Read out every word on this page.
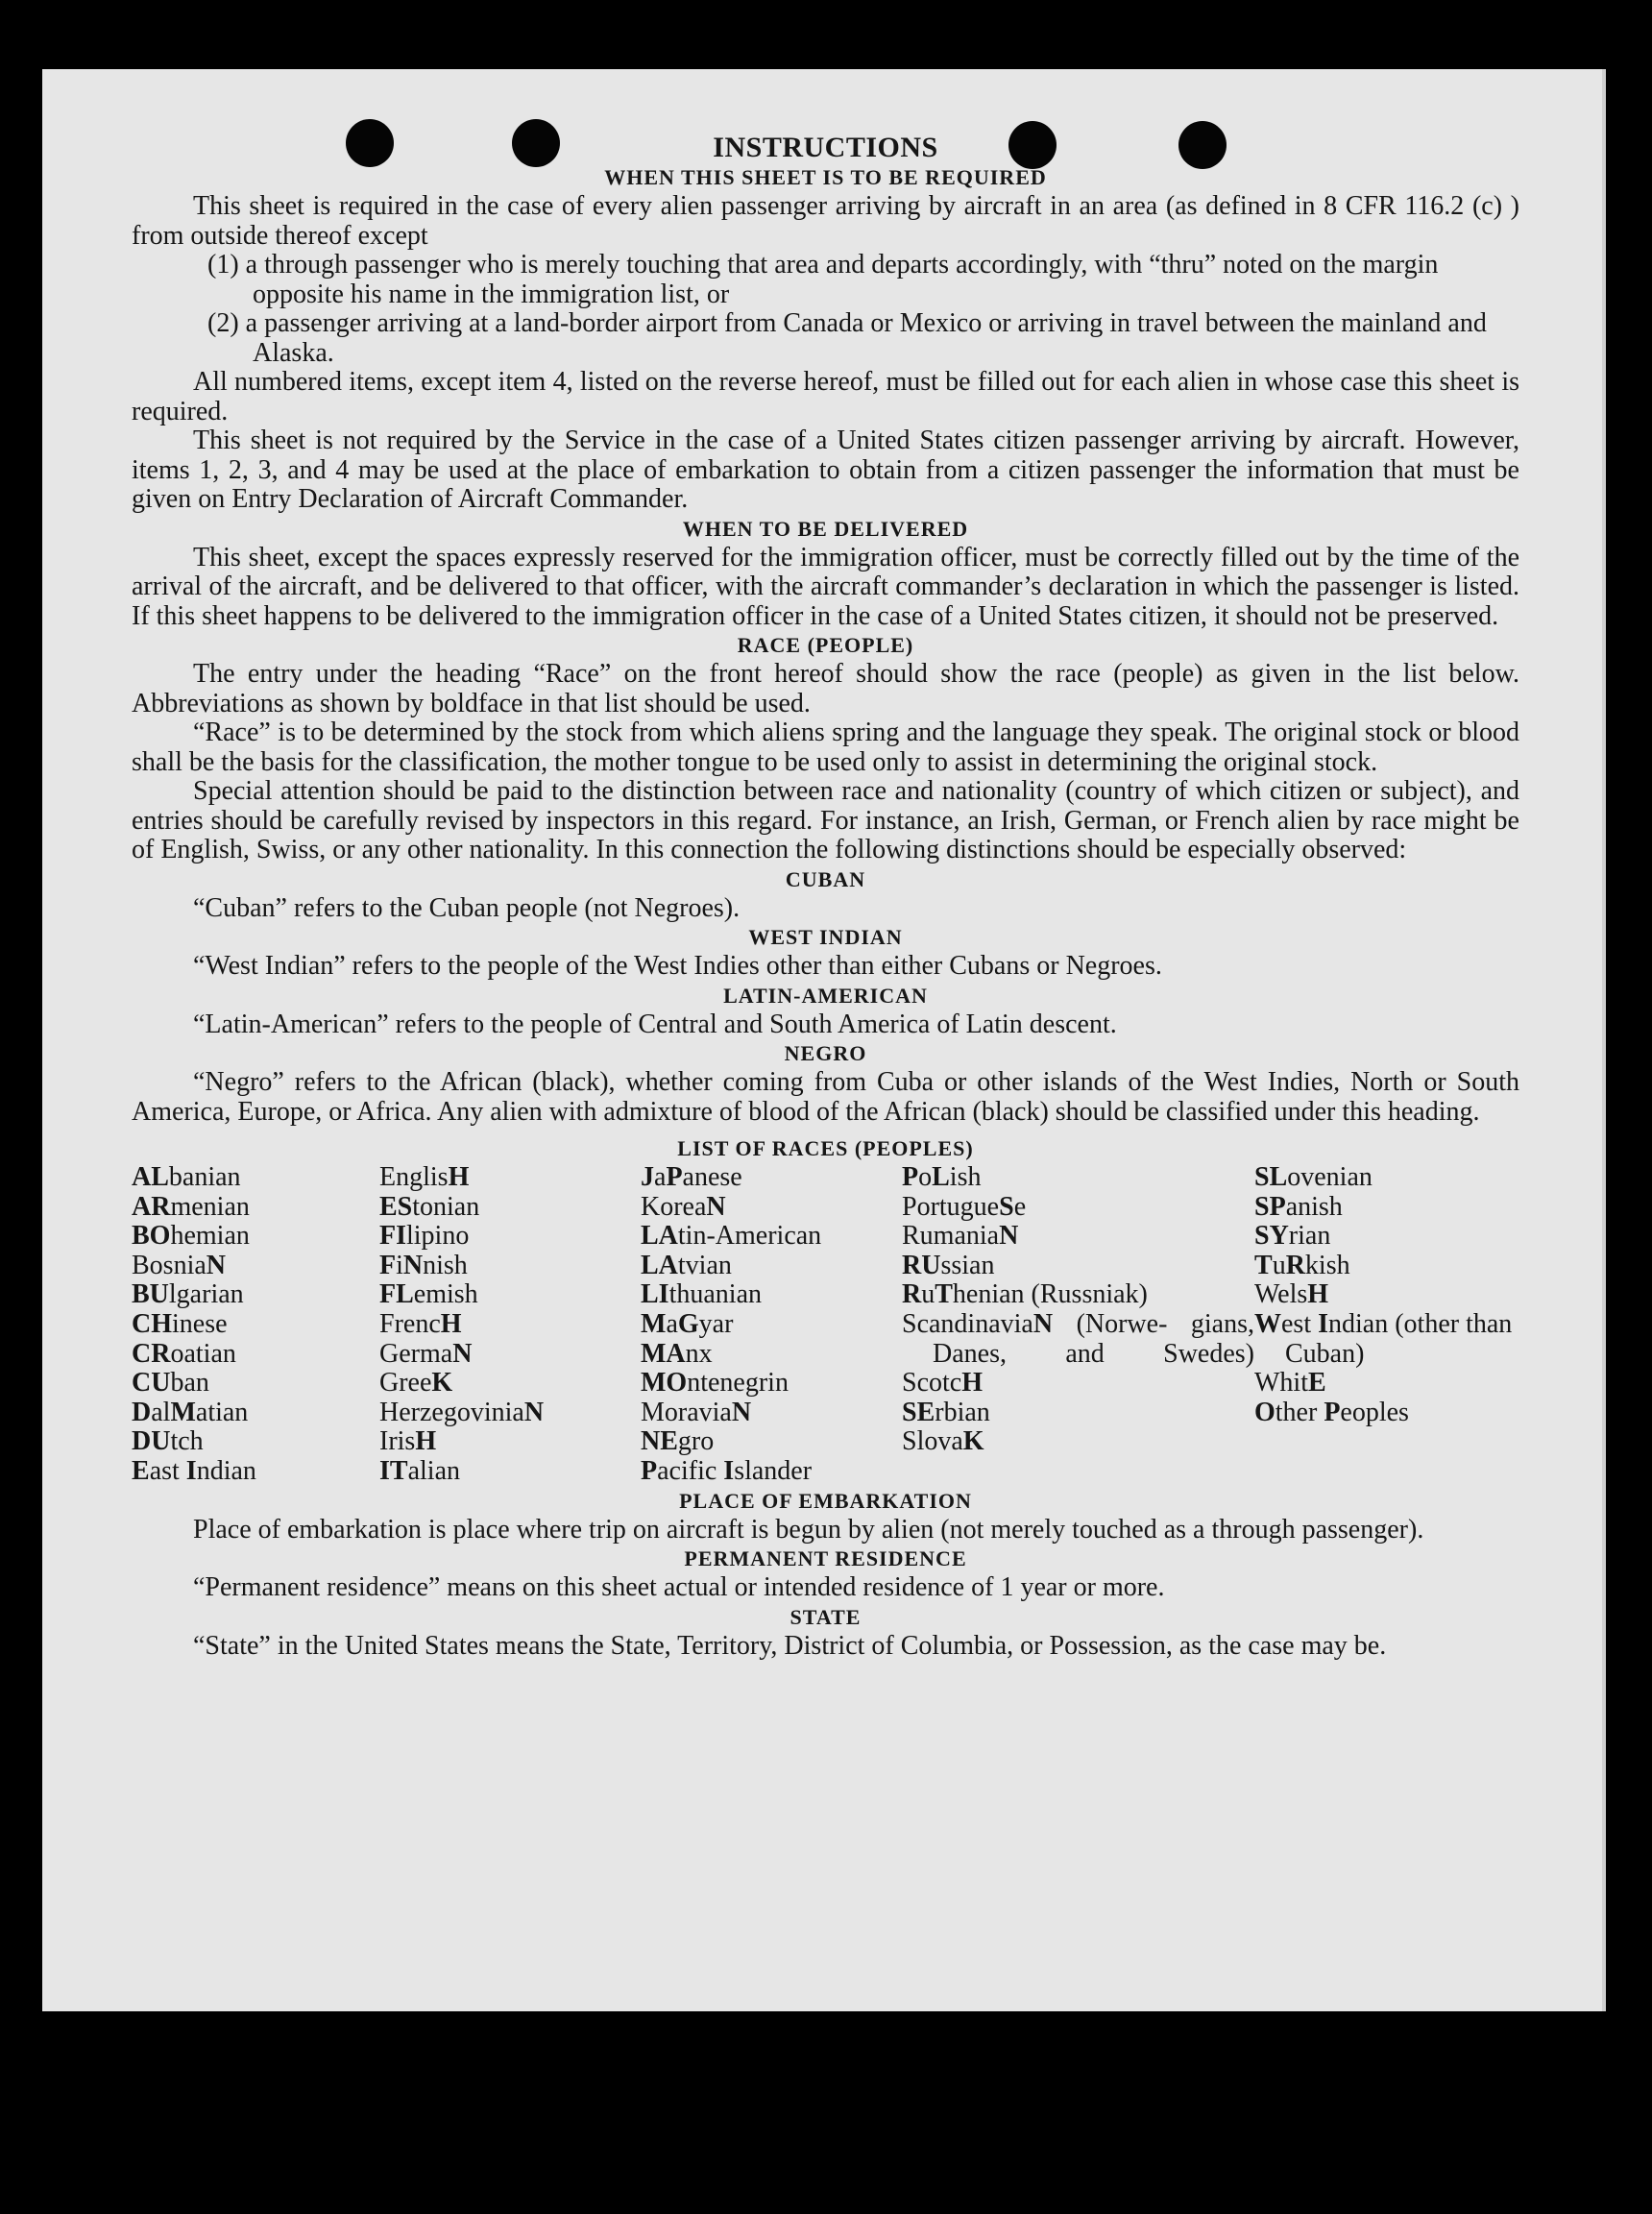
INSTRUCTIONS
WHEN THIS SHEET IS TO BE REQUIRED

This sheet is required in the case of every alien passenger arriving by aircraft in an area (as defined in 8 CFR 116.2 (c) ) from outside thereof except

(1) a through passenger who is merely touching that area and departs accordingly, with “thru” noted on the margin opposite his name in the immigration list, or

(2) a passenger arriving at a land-border airport from Canada or Mexico or arriving in travel between the mainland and Alaska.

All numbered items, except item 4, listed on the reverse hereof, must be filled out for each alien in whose case this sheet is required.

This sheet is not required by the Service in the case of a United States citizen passenger arriving by aircraft. However, items 1, 2, 3, and 4 may be used at the place of embarkation to obtain from a citizen passenger the information that must be given on Entry Declaration of Aircraft Commander.

WHEN TO BE DELIVERED

This sheet, except the spaces expressly reserved for the immigration officer, must be correctly filled out by the time of the arrival of the aircraft, and be delivered to that officer, with the aircraft commander’s declaration in which the passenger is listed. If this sheet happens to be delivered to the immigration officer in the case of a United States citizen, it should not be preserved.

RACE (PEOPLE)

The entry under the heading “Race” on the front hereof should show the race (people) as given in the list below. Abbreviations as shown by boldface in that list should be used.

“Race” is to be determined by the stock from which aliens spring and the language they speak. The original stock or blood shall be the basis for the classification, the mother tongue to be used only to assist in determining the original stock.

Special attention should be paid to the distinction between race and nationality (country of which citizen or subject), and entries should be carefully revised by inspectors in this regard. For instance, an Irish, German, or French alien by race might be of English, Swiss, or any other nationality. In this connection the following distinctions should be especially observed:

CUBAN

“Cuban” refers to the Cuban people (not Negroes).

WEST INDIAN

“West Indian” refers to the people of the West Indies other than either Cubans or Negroes.

LATIN-AMERICAN

“Latin-American” refers to the people of Central and South America of Latin descent.

NEGRO

“Negro” refers to the African (black), whether coming from Cuba or other islands of the West Indies, North or South America, Europe, or Africa. Any alien with admixture of blood of the African (black) should be classified under this heading.

LIST OF RACES (PEOPLES)
ALbanian
ARmenian
BOhemian
BosniaN
BUlgarian
CHinese
CRoatian
CUban
DalMatian
DUtch
East Indian
EnglisH
EStonian
FIlipino
FiNnish
FLemish
FrencH
GermaN
GreeK
HerzegoviniaN
IrisH
ITalian
JaPanese
KoreaN
LAtin-American
LAtvian
LIthuanian
MaGyar
MAnx
MOntenegrin
MoraviaN
NEgro
Pacific Islander
PoLish
PortugueSe
RumaniaN
RUssian
RuThenian (Russniak)
ScandinaviaN (Norwe- gians, Danes, and Swedes)
ScotcH
SErbian
SlovaK
SLovenian
SPanish
SYrian
TuRkish
WelsH
West Indian (other than Cuban)
WhitE
Other Peoples
PLACE OF EMBARKATION

Place of embarkation is place where trip on aircraft is begun by alien (not merely touched as a through passenger).

PERMANENT RESIDENCE

“Permanent residence” means on this sheet actual or intended residence of 1 year or more.

STATE

“State” in the United States means the State, Territory, District of Columbia, or Possession, as the case may be.
